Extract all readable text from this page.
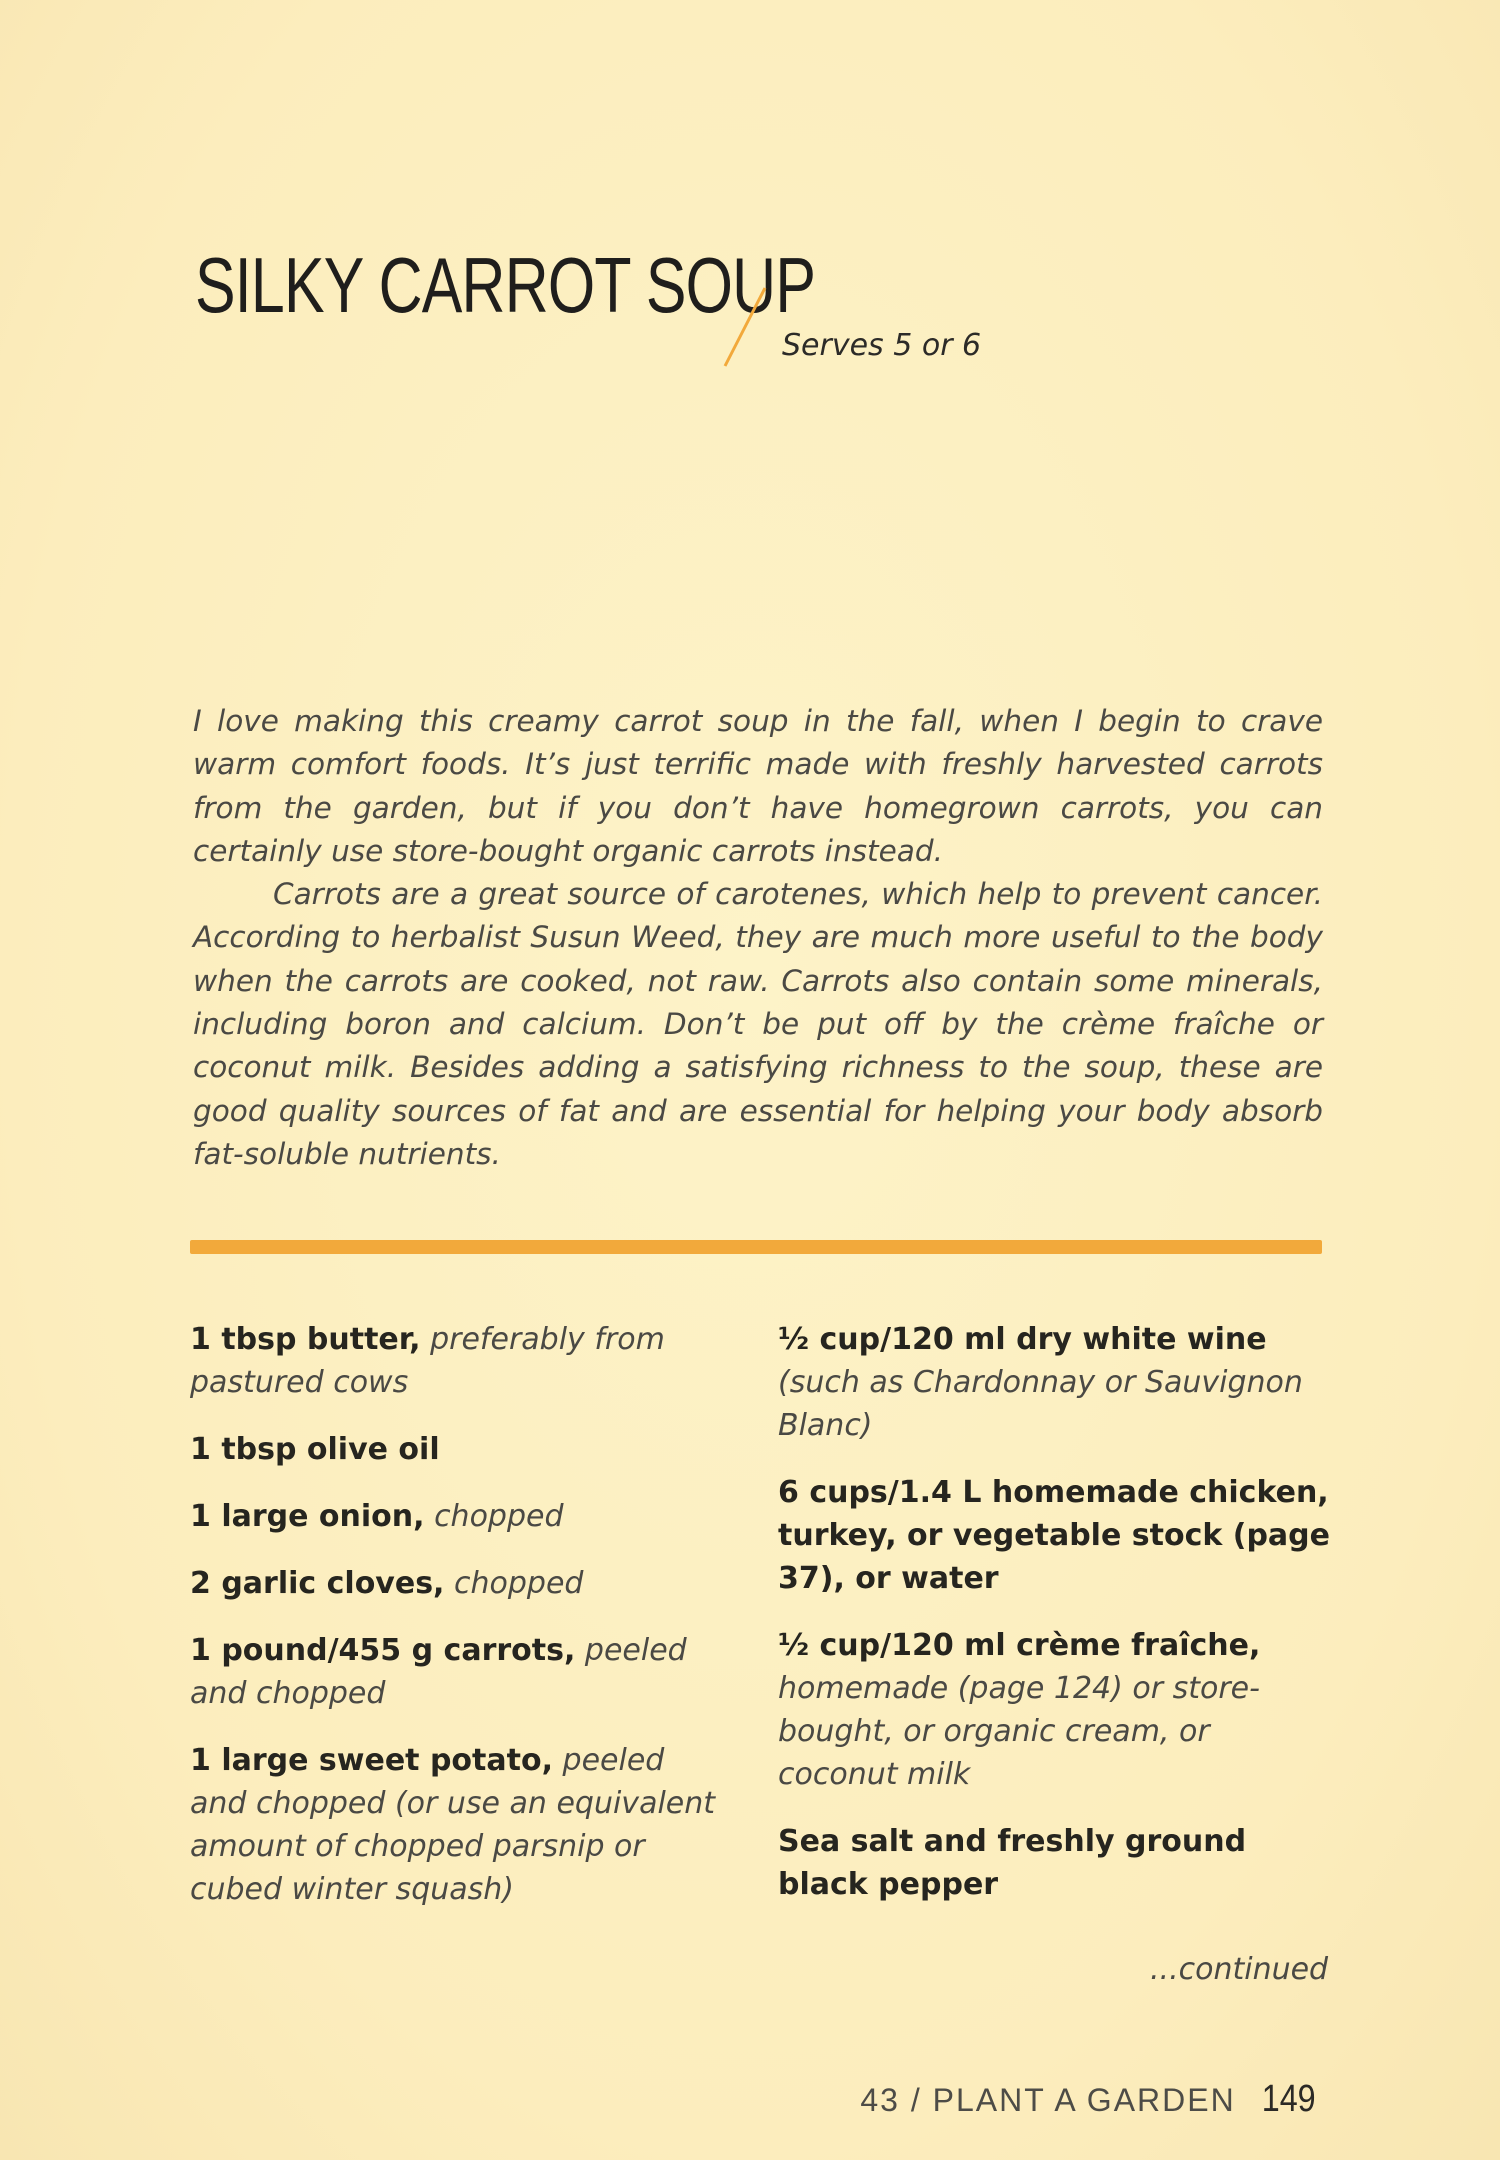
SILKY CARROT SOUP
Serves 5 or 6

I love making this creamy carrot soup in the fall, when I begin to crave warm comfort foods. It’s just terrific made with freshly harvested carrots from the garden, but if you don’t have homegrown carrots, you can certainly use store-bought organic carrots instead.

Carrots are a great source of carotenes, which help to prevent cancer. According to herbalist Susun Weed, they are much more useful to the body when the carrots are cooked, not raw. Carrots also contain some minerals, including boron and calcium. Don’t be put off by the crème fraîche or coconut milk. Besides adding a satisfying richness to the soup, these are good quality sources of fat and are essential for helping your body absorb fat-soluble nutrients.

1 tbsp butter, preferably from pastured cows

1 tbsp olive oil

1 large onion, chopped

2 garlic cloves, chopped

1 pound/455 g carrots, peeled and chopped

1 large sweet potato, peeled and chopped (or use an equivalent amount of chopped parsnip or cubed winter squash)

½ cup/120 ml dry white wine (such as Chardonnay or Sauvignon Blanc)

6 cups/1.4 L homemade chicken, turkey, or vegetable stock (page 37), or water

½ cup/120 ml crème fraîche, homemade (page 124) or store-bought, or organic cream, or coconut milk

Sea salt and freshly ground black pepper

...continued
43 / PLANT A GARDEN 149
